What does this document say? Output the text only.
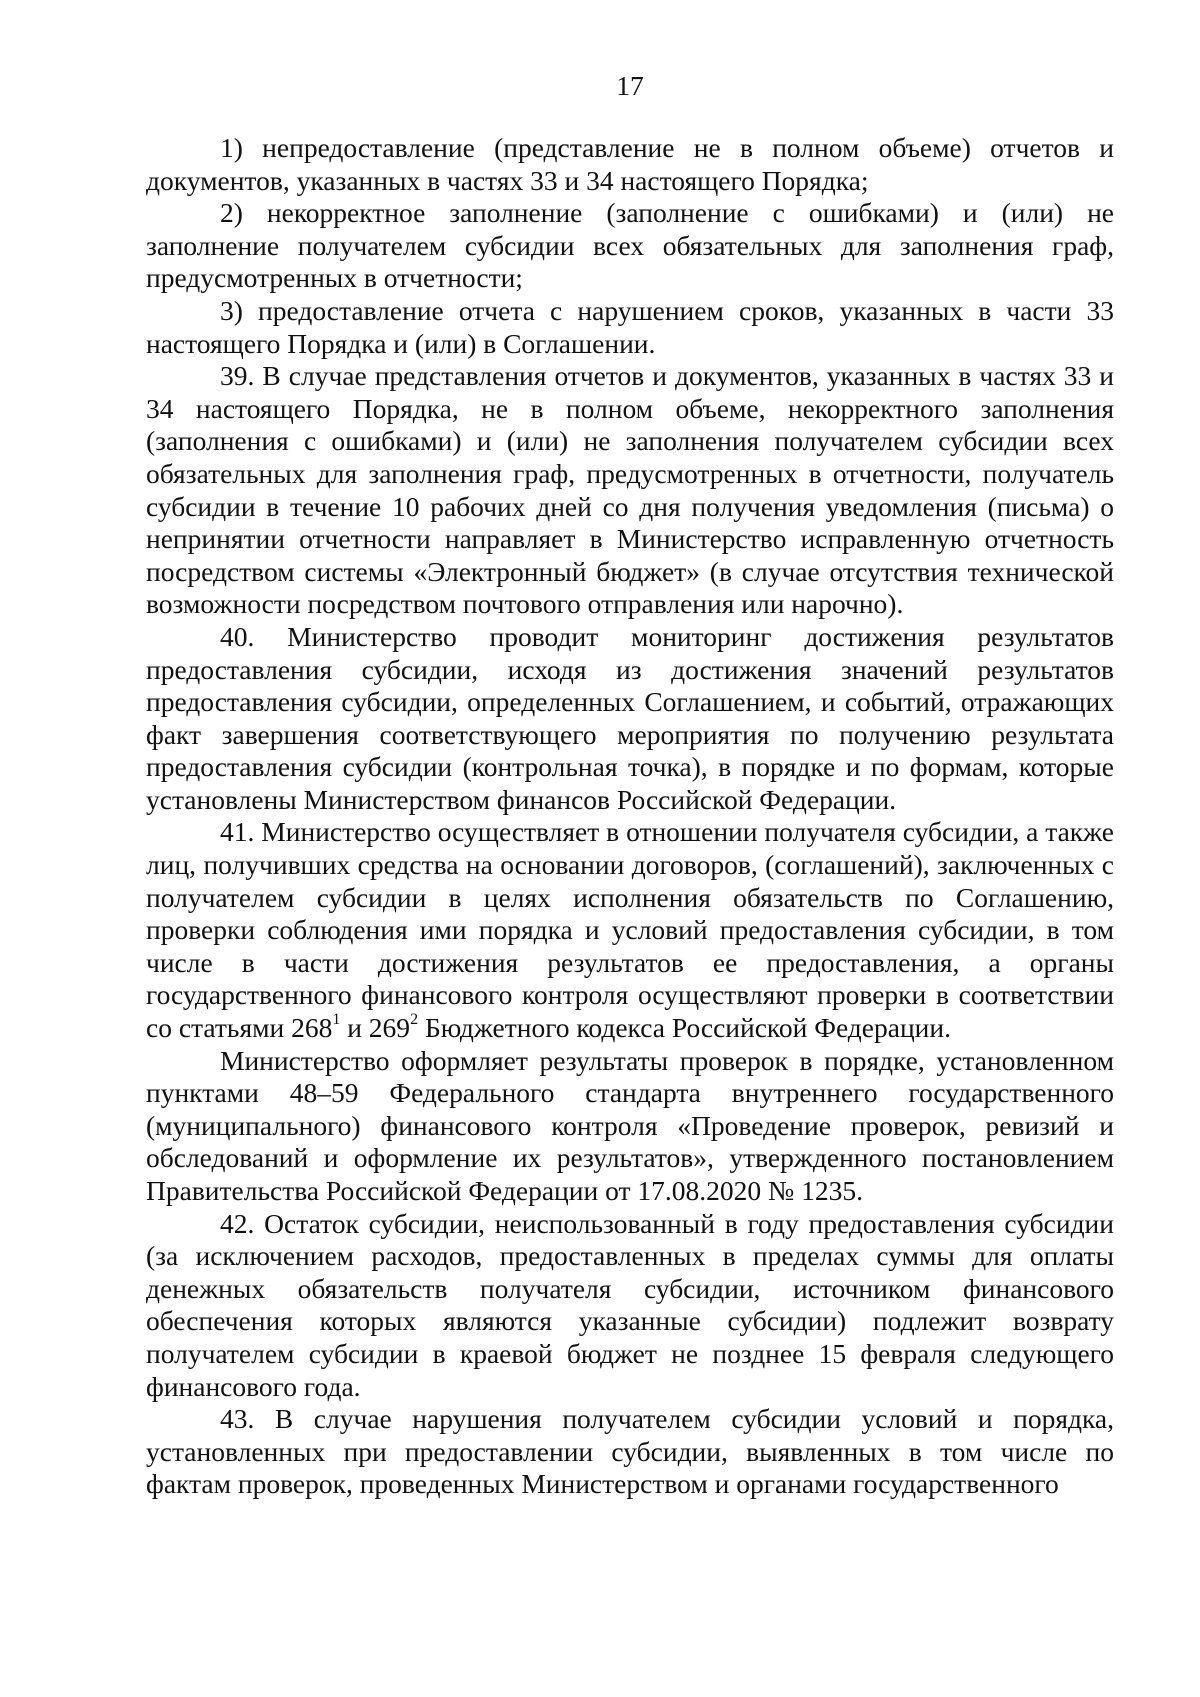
17

1) непредоставление (представление не в полном объеме) отчетов и документов, указанных в частях 33 и 34 настоящего Порядка;

2) некорректное заполнение (заполнение с ошибками) и (или) не заполнение получателем субсидии всех обязательных для заполнения граф, предусмотренных в отчетности;

3) предоставление отчета с нарушением сроков, указанных в части 33 настоящего Порядка и (или) в Соглашении.

39. В случае представления отчетов и документов, указанных в частях 33 и 34 настоящего Порядка, не в полном объеме, некорректного заполнения (заполнения с ошибками) и (или) не заполнения получателем субсидии всех обязательных для заполнения граф, предусмотренных в отчетности, получатель субсидии в течение 10 рабочих дней со дня получения уведомления (письма) о непринятии отчетности направляет в Министерство исправленную отчетность посредством системы «Электронный бюджет» (в случае отсутствия технической возможности посредством почтового отправления или нарочно).

40. Министерство проводит мониторинг достижения результатов предоставления субсидии, исходя из достижения значений результатов предоставления субсидии, определенных Соглашением, и событий, отражающих факт завершения соответствующего мероприятия по получению результата предоставления субсидии (контрольная точка), в порядке и по формам, которые установлены Министерством финансов Российской Федерации.

41. Министерство осуществляет в отношении получателя субсидии, а также лиц, получивших средства на основании договоров, (соглашений), заключенных с получателем субсидии в целях исполнения обязательств по Соглашению, проверки соблюдения ими порядка и условий предоставления субсидии, в том числе в части достижения результатов ее предоставления, а органы государственного финансового контроля осуществляют проверки в соответствии со статьями $268^1$ и $269^2$ Бюджетного кодекса Российской Федерации.

Министерство оформляет результаты проверок в порядке, установленном пунктами 48–59 Федерального стандарта внутреннего государственного (муниципального) финансового контроля «Проведение проверок, ревизий и обследований и оформление их результатов», утвержденного постановлением Правительства Российской Федерации от 17.08.2020 № 1235.

42. Остаток субсидии, неиспользованный в году предоставления субсидии (за исключением расходов, предоставленных в пределах суммы для оплаты денежных обязательств получателя субсидии, источником финансового обеспечения которых являются указанные субсидии) подлежит возврату получателем субсидии в краевой бюджет не позднее 15 февраля следующего финансового года.

43. В случае нарушения получателем субсидии условий и порядка, установленных при предоставлении субсидии, выявленных в том числе по фактам проверок, проведенных Министерством и органами государственного
